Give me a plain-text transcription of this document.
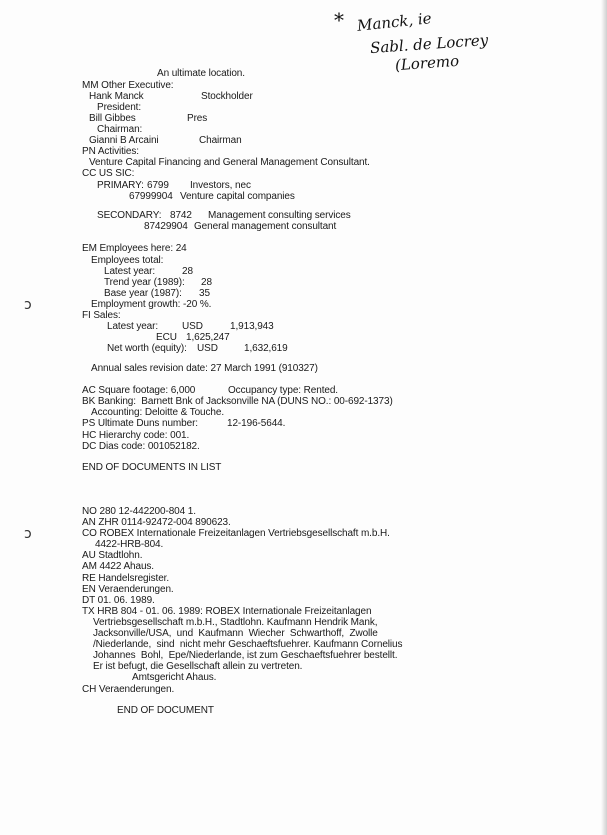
* Manck, ie
Sabl. de Locrey
(Loremo
ↄ
ↄ
An ultimate location.
MM Other Executive:
Hank Manck	Stockholder
President:
Bill Gibbes	Pres
Chairman:
Gianni B Arcaini	Chairman
PN Activities:
Venture Capital Financing and General Management Consultant.
CC US SIC:
PRIMARY: 6799 Investors, nec
67999904 Venture capital companies
SECONDARY: 8742 Management consulting services
87429904 General management consultant
EM Employees here: 24
Employees total:
Latest year:	28
Trend year (1989): 28
Base year (1987): 35
Employment growth: -20 %.
FI Sales:
Latest year: USD	1,913,943
ECU 1,625,247
Net worth (equity): USD	1,632,619
Annual sales revision date: 27 March 1991 (910327)
AC Square footage: 6,000	Occupancy type: Rented.
BK Banking:  Barnett Bnk of Jacksonville NA (DUNS NO.: 00-692-1373)
Accounting: Deloitte & Touche.
PS Ultimate Duns number:	12-196-5644.
HC Hierarchy code: 001.
DC Dias code: 001052182.
END OF DOCUMENTS IN LIST
NO 280 12-442200-804 1.
AN ZHR 0114-92472-004 890623.
CO ROBEX Internationale Freizeitanlagen Vertriebsgesellschaft m.b.H.
4422-HRB-804.
AU Stadtlohn.
AM 4422 Ahaus.
RE Handelsregister.
EN Veraenderungen.
DT 01. 06. 1989.
TX HRB 804 - 01. 06. 1989: ROBEX Internationale Freizeitanlagen
Vertriebsgesellschaft m.b.H., Stadtlohn. Kaufmann Hendrik Mank,
Jacksonville/USA,  und  Kaufmann  Wiecher  Schwarthoff,  Zwolle
/Niederlande,  sind  nicht mehr Geschaeftsfuehrer. Kaufmann Cornelius
Johannes  Bohl,  Epe/Niederlande, ist zum Geschaeftsfuehrer bestellt.
Er ist befugt, die Gesellschaft allein zu vertreten.
Amtsgericht Ahaus.
CH Veraenderungen.
END OF DOCUMENT
